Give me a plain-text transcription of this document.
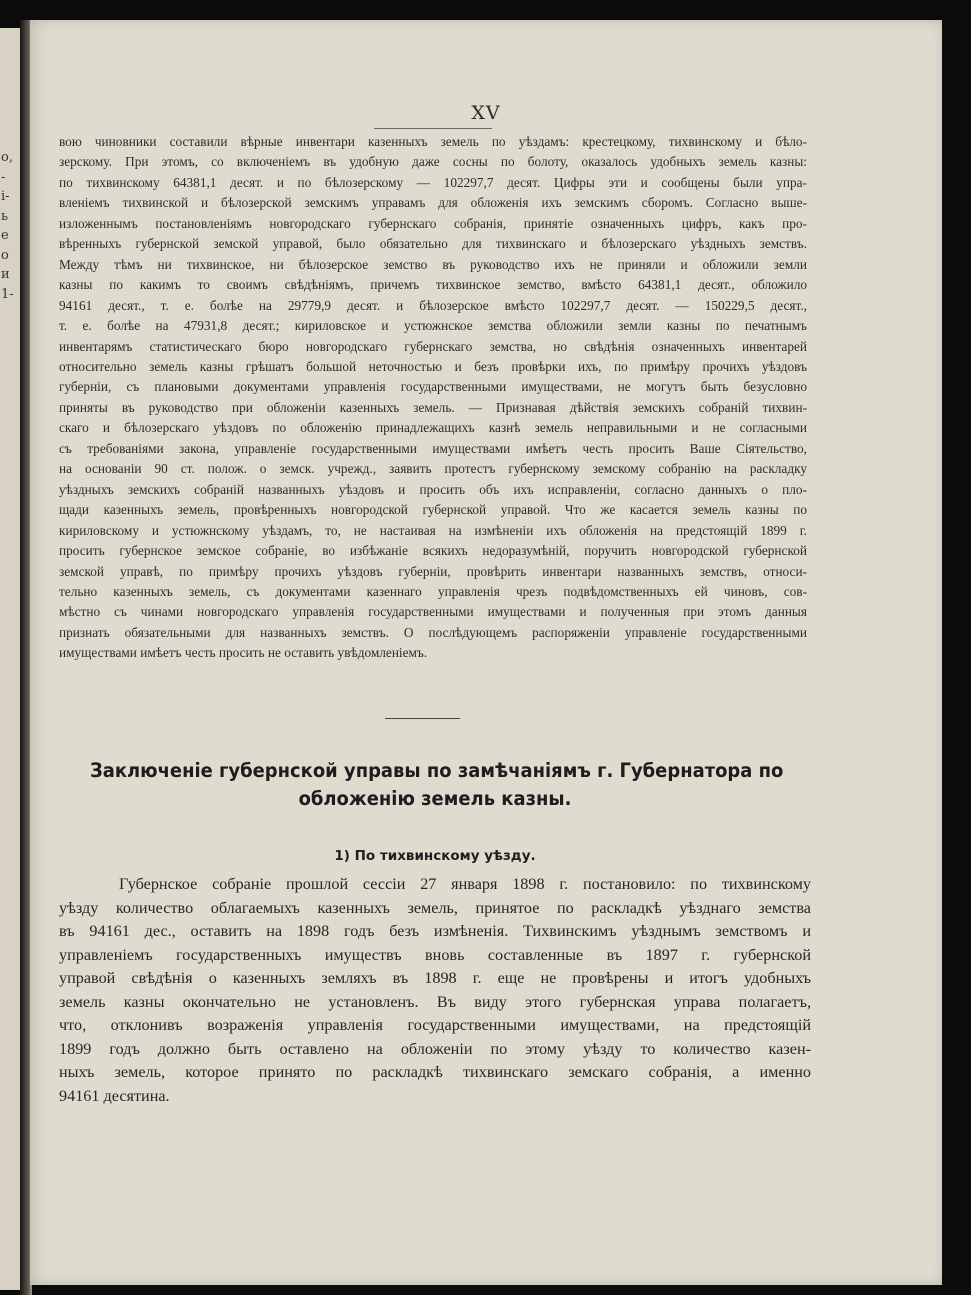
о,
-
і-
ь
е
о
и
1-
XV
вою чиновники составили вѣрные инвентари казенныхъ земель по уѣздамъ: крестецкому, тихвинскому и бѣло-
зерскому. При этомъ, со включеніемъ въ удобную даже сосны по болоту, оказалось удобныхъ земель казны:
по тихвинскому 64381,1 десят. и по бѣлозерскому — 102297,7 десят. Цифры эти и сообщены были упра-
вленіемъ тихвинской и бѣлозерской земскимъ управамъ для обложенія ихъ земскимъ сборомъ. Согласно выше-
изложеннымъ постановленіямъ новгородскаго губернскаго собранія, принятіе означенныхъ цифръ, какъ про-
вѣренныхъ губернской земской управой, было обязательно для тихвинскаго и бѣлозерскаго уѣздныхъ земствъ.
Между тѣмъ ни тихвинское, ни бѣлозерское земство въ руководство ихъ не приняли и обложили земли
казны по какимъ то своимъ свѣдѣніямъ, причемъ тихвинское земство, вмѣсто 64381,1 десят., обложило
94161 десят., т. е. болѣе на 29779,9 десят. и бѣлозерское вмѣсто 102297,7 десят. — 150229,5 десят.,
т. е. болѣе на 47931,8 десят.; кириловское и устюжнское земства обложили земли казны по печатнымъ
инвентарямъ статистическаго бюро новгородскаго губернскаго земства, но свѣдѣнія означенныхъ инвентарей
относительно земель казны грѣшатъ большой неточностью и безъ провѣрки ихъ, по примѣру прочихъ уѣздовъ
губерніи, съ плановыми документами управленія государственными имуществами, не могутъ быть безусловно
приняты въ руководство при обложеніи казенныхъ земель. — Признавая дѣйствія земскихъ собраній тихвин-
скаго и бѣлозерскаго уѣздовъ по обложенію принадлежащихъ казнѣ земель неправильными и не согласными
съ требованіями закона, управленіе государственными имуществами имѣетъ честь просить Ваше Сіятельство,
на основаніи 90 ст. полож. о земск. учрежд., заявить протестъ губернскому земскому собранію на раскладку
уѣздныхъ земскихъ собраній названныхъ уѣздовъ и просить объ ихъ исправленіи, согласно данныхъ о пло-
щади казенныхъ земель, провѣренныхъ новгородской губернской управой. Что же касается земель казны по
кириловскому и устюжнскому уѣздамъ, то, не настаивая на измѣненіи ихъ обложенія на предстоящій 1899 г.
просить губернское земское собраніе, во избѣжаніе всякихъ недоразумѣній, поручить новгородской губернской
земской управѣ, по примѣру прочихъ уѣздовъ губерніи, провѣрить инвентари названныхъ земствъ, относи-
тельно казенныхъ земель, съ документами казеннаго управленія чрезъ подвѣдомственныхъ ей чиновъ, сов-
мѣстно съ чинами новгородскаго управленія государственными имуществами и полученныя при этомъ данныя
признать обязательными для названныхъ земствъ. О послѣдующемъ распоряженіи управленіе государственными
имуществами имѣетъ честь просить не оставить увѣдомленіемъ.
Заключеніе губернской управы по замѣчаніямъ г. Губернатора по
обложенію земель казны.
1) По тихвинскому уѣзду.
Губернское собраніе прошлой сессіи 27 января 1898 г. постановило: по тихвинскому
уѣзду количество облагаемыхъ казенныхъ земель, принятое по раскладкѣ уѣзднаго земства
въ 94161 дес., оставить на 1898 годъ безъ измѣненія. Тихвинскимъ уѣзднымъ земствомъ и
управленіемъ государственныхъ имуществъ вновь составленные въ 1897 г. губернской
управой свѣдѣнія о казенныхъ земляхъ въ 1898 г. еще не провѣрены и итогъ удобныхъ
земель казны окончательно не установленъ. Въ виду этого губернская управа полагаетъ,
что, отклонивъ возраженія управленія государственными имуществами, на предстоящій
1899 годъ должно быть оставлено на обложеніи по этому уѣзду то количество казен-
ныхъ земель, которое принято по раскладкѣ тихвинскаго земскаго собранія, а именно
94161 десятина.
